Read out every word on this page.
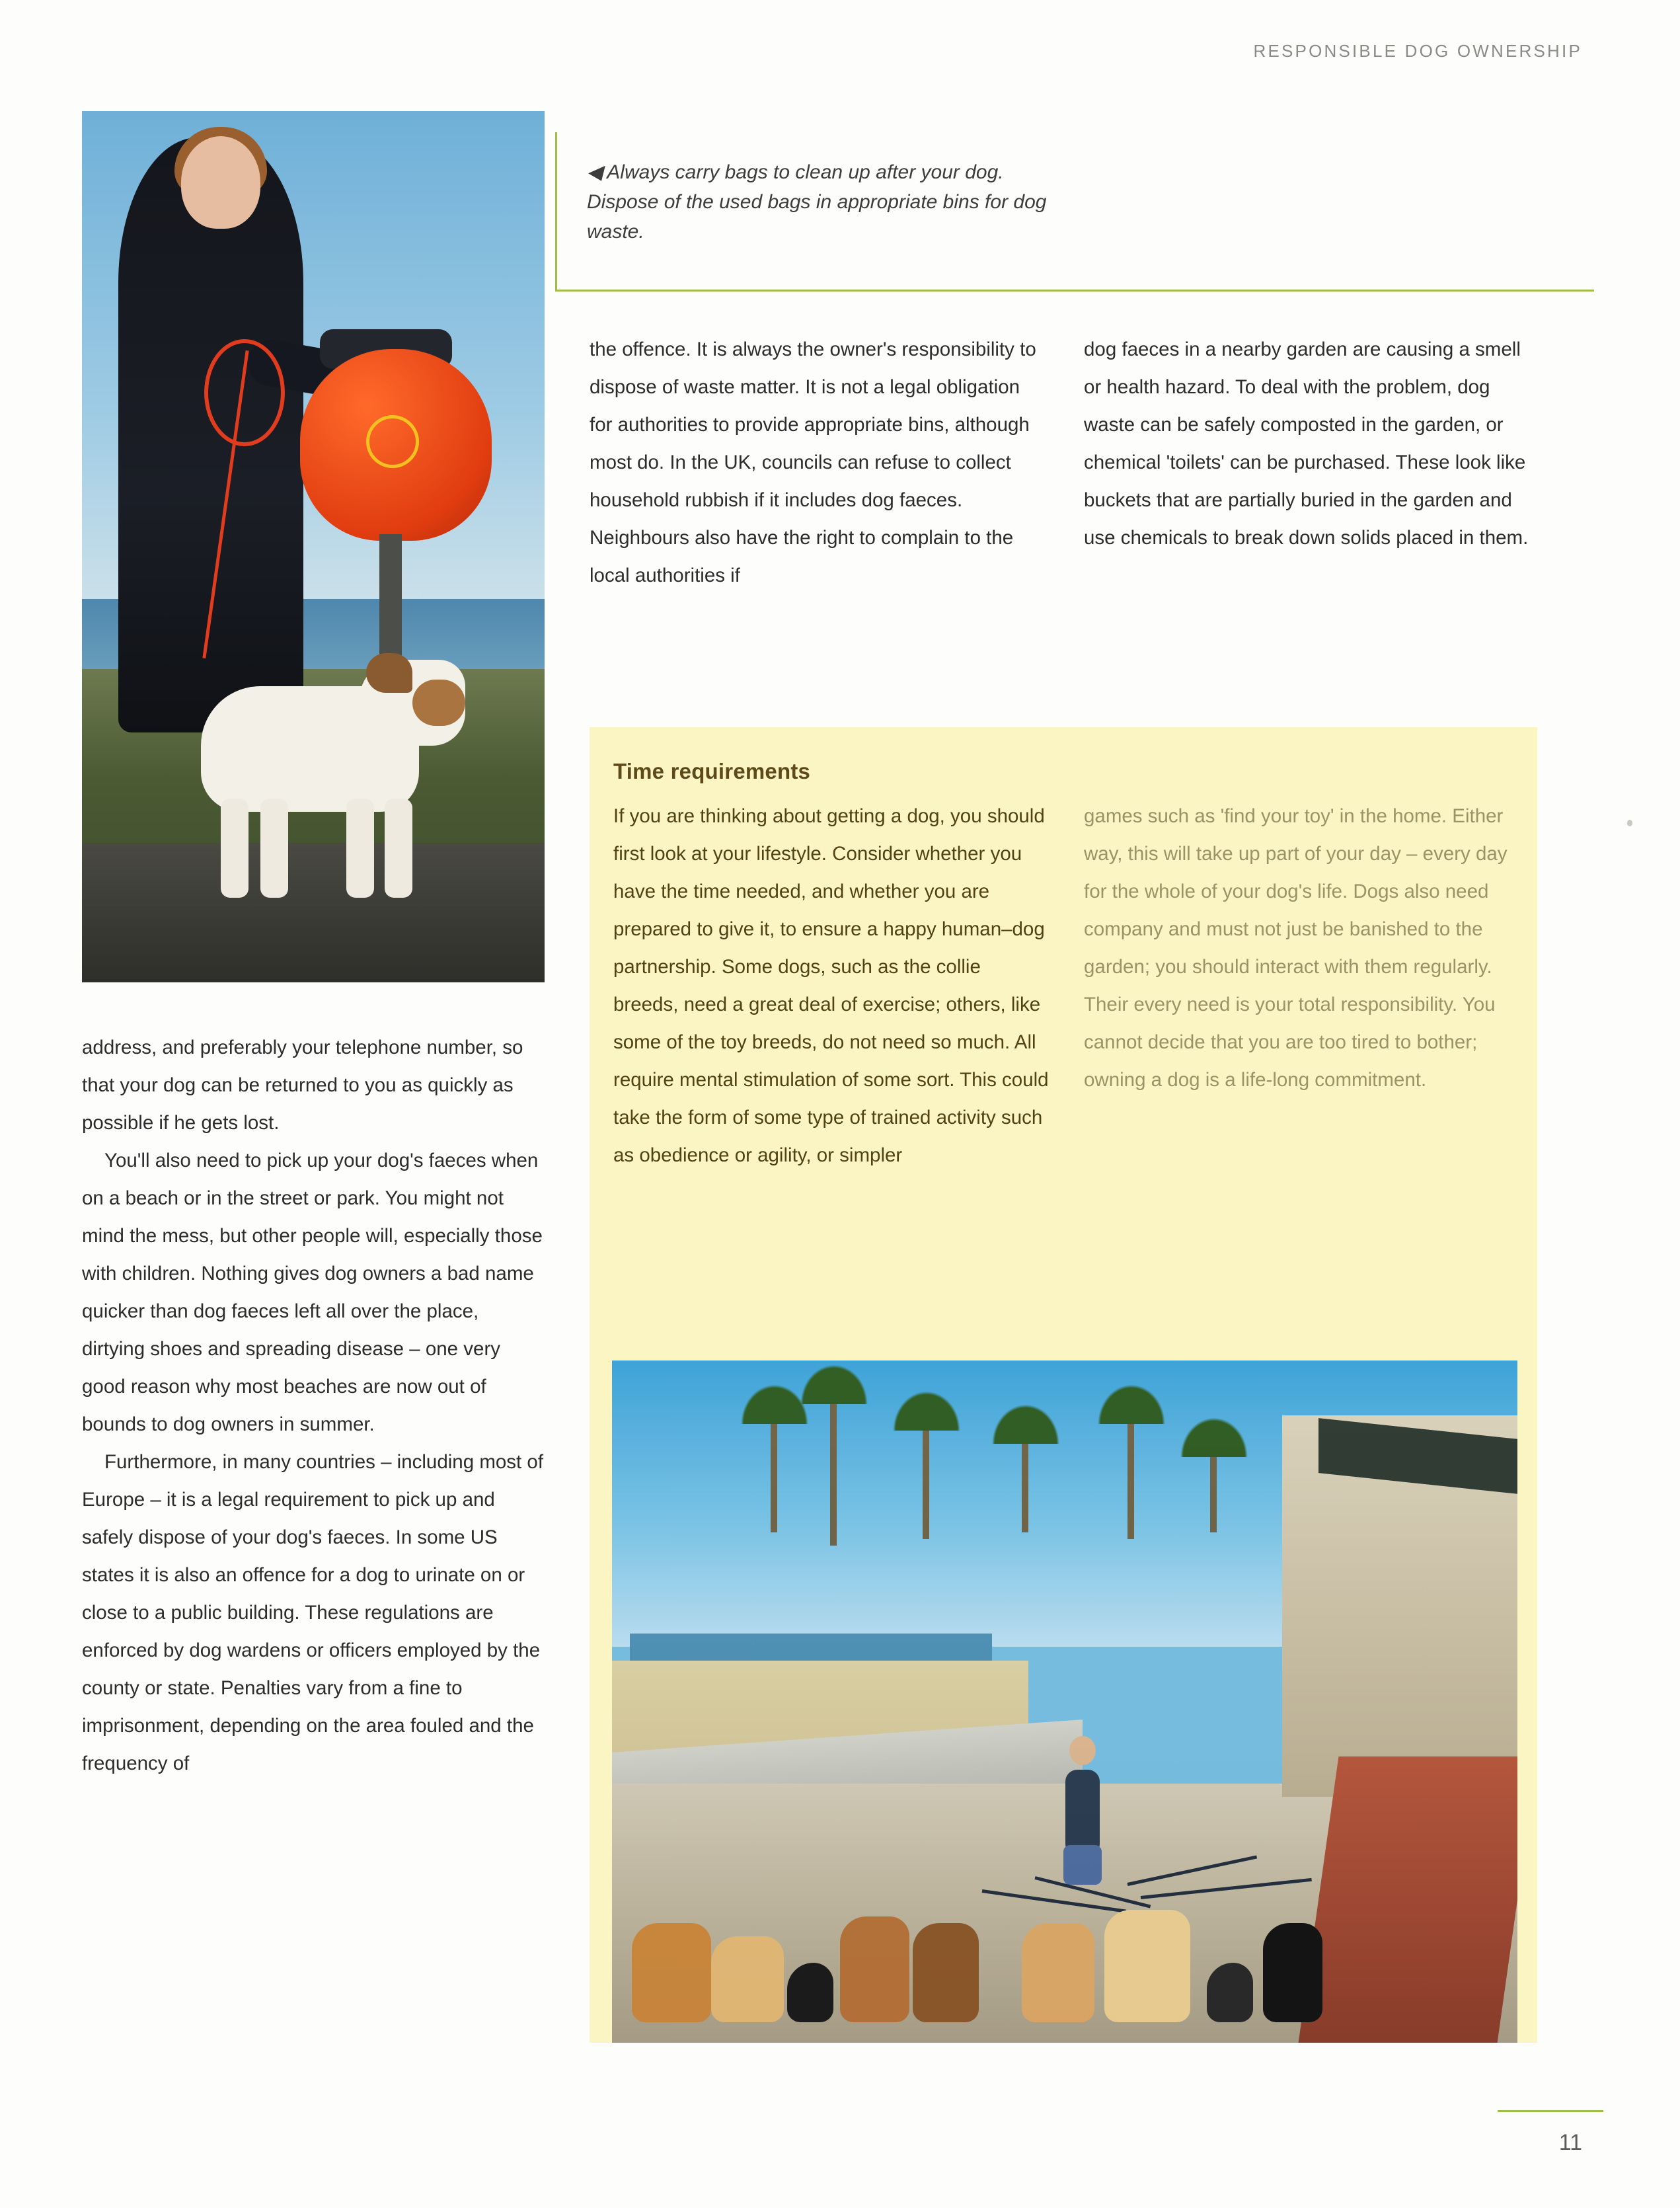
RESPONSIBLE DOG OWNERSHIP
◀ Always carry bags to clean up after your dog. Dispose of the used bags in appropriate bins for dog waste.

the offence. It is always the owner's responsibility to dispose of waste matter. It is not a legal obligation for authorities to provide appropriate bins, although most do. In the UK, councils can refuse to collect household rubbish if it includes dog faeces. Neighbours also have the right to complain to the local authorities if

dog faeces in a nearby garden are causing a smell or health hazard. To deal with the problem, dog waste can be safely composted in the garden, or chemical 'toilets' can be purchased. These look like buckets that are partially buried in the garden and use chemicals to break down solids placed in them.

address, and preferably your telephone number, so that your dog can be returned to you as quickly as possible if he gets lost.

You'll also need to pick up your dog's faeces when on a beach or in the street or park. You might not mind the mess, but other people will, especially those with children. Nothing gives dog owners a bad name quicker than dog faeces left all over the place, dirtying shoes and spreading disease – one very good reason why most beaches are now out of bounds to dog owners in summer.

Furthermore, in many countries – including most of Europe – it is a legal requirement to pick up and safely dispose of your dog's faeces. In some US states it is also an offence for a dog to urinate on or close to a public building. These regulations are enforced by dog wardens or officers employed by the county or state. Penalties vary from a fine to imprisonment, depending on the area fouled and the frequency of

Time requirements
If you are thinking about getting a dog, you should first look at your lifestyle. Consider whether you have the time needed, and whether you are prepared to give it, to ensure a happy human–dog partnership. Some dogs, such as the collie breeds, need a great deal of exercise; others, like some of the toy breeds, do not need so much. All require mental stimulation of some sort. This could take the form of some type of trained activity such as obedience or agility, or simpler
games such as 'find your toy' in the home. Either way, this will take up part of your day – every day for the whole of your dog's life. Dogs also need company and must not just be banished to the garden; you should interact with them regularly. Their every need is your total responsibility. You cannot decide that you are too tired to bother; owning a dog is a life-long commitment.
11
